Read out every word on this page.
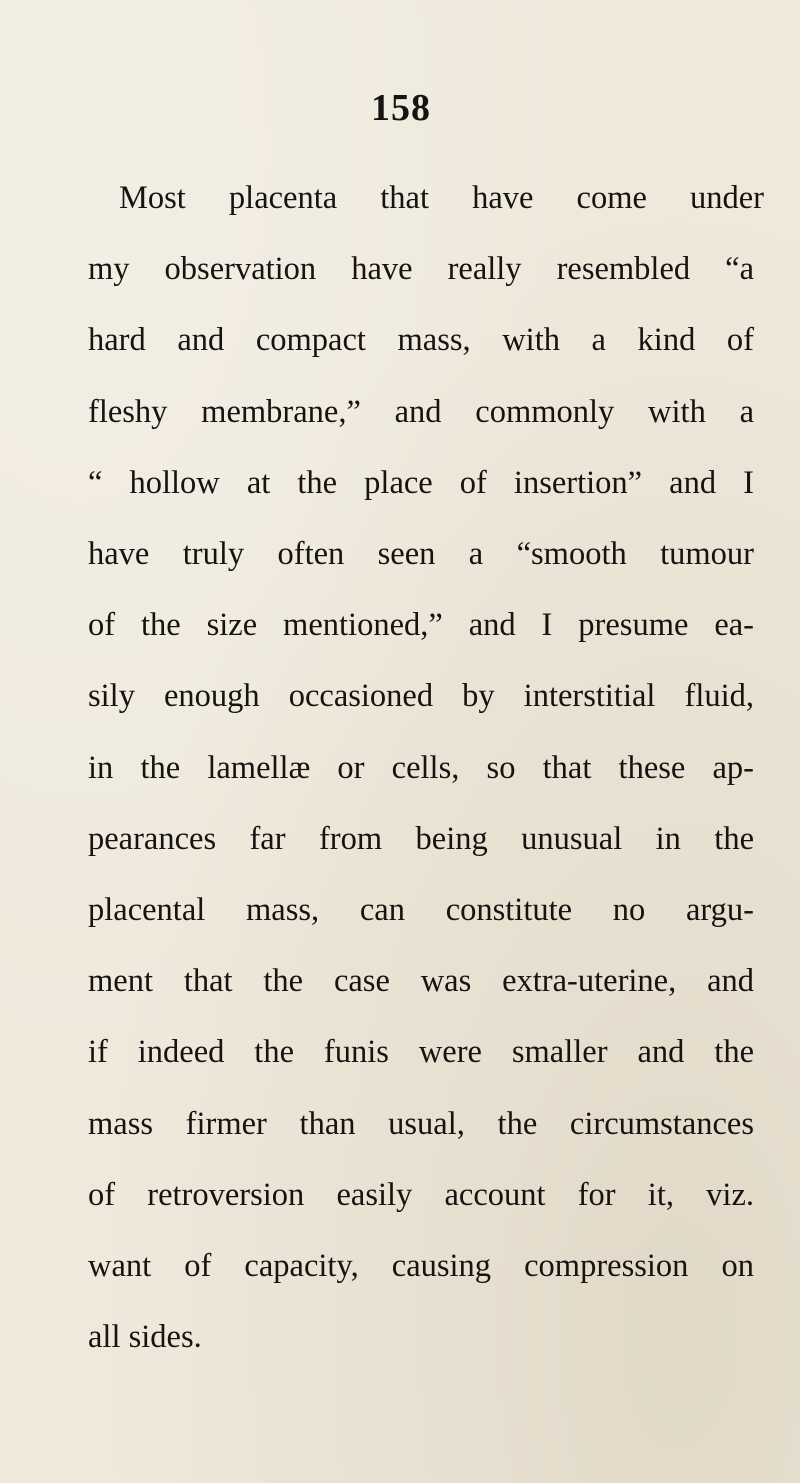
158
Most placenta that have come under
my observation have really resembled “a
hard and compact mass, with a kind of
fleshy membrane,” and commonly with a
“ hollow at the place of insertion” and I
have truly often seen a “smooth tumour
of the size mentioned,” and I presume ea-
sily enough occasioned by interstitial fluid,
in the lamellæ or cells, so that these ap-
pearances far from being unusual in the
placental mass, can constitute no argu-
ment that the case was extra-uterine, and
if indeed the funis were smaller and the
mass firmer than usual, the circumstances
of retroversion easily account for it, viz.
want of capacity, causing compression on
all sides.
